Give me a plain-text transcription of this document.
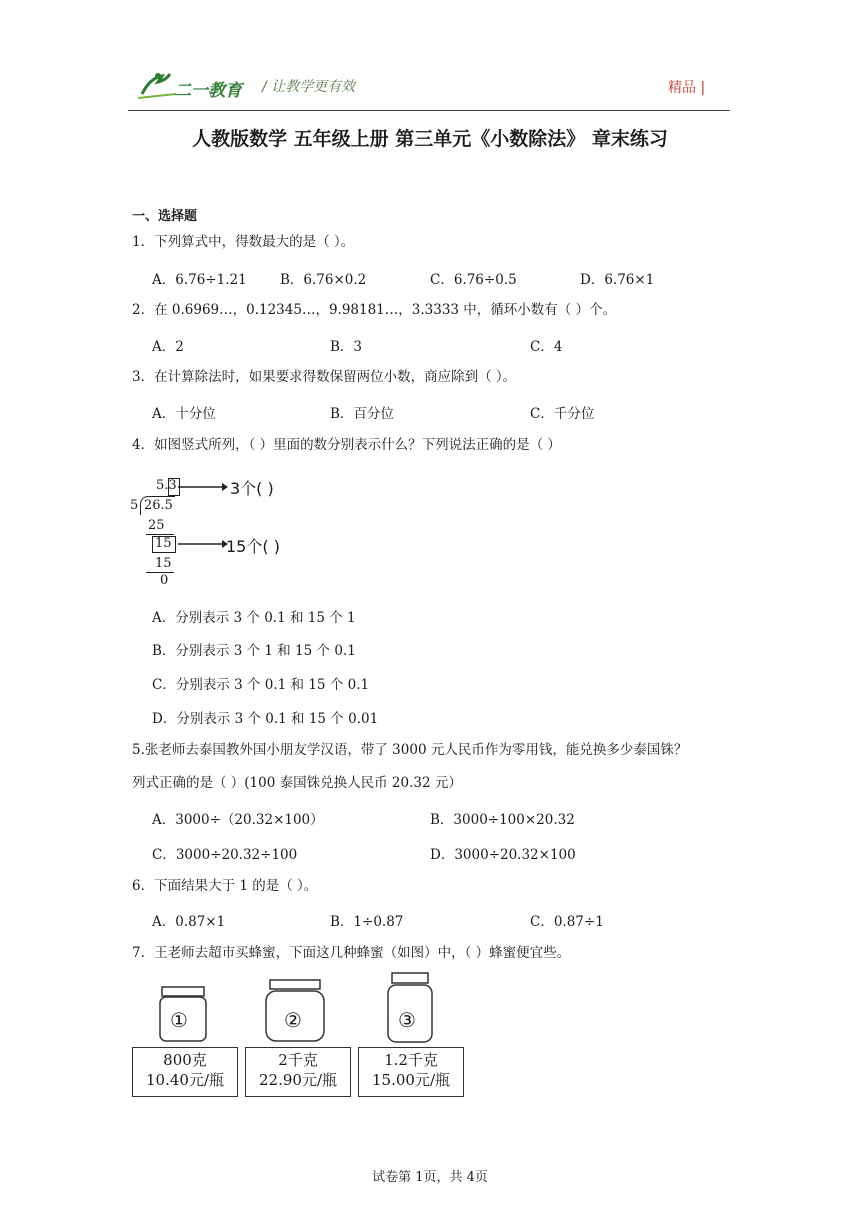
二一教育 / 让教学更有效	精品 |
人教版数学 五年级上册 第三单元《小数除法》 章末练习
一、选择题
1．下列算式中，得数最大的是（ ）。
A．6.76÷1.21 B．6.76×0.2	C．6.76÷0.5	D．6.76×1
2．在 0.6969…，0.12345…，9.98181…，3.3333 中，循环小数有（ ）个。
A．2	B．3	C．4
3．在计算除法时，如果要求得数保留两位小数，商应除到（ ）。
A．十分位	B．百分位	C．千分位
4．如图竖式所列，（ ）里面的数分别表示什么？下列说法正确的是（ ）
5.3
5 26.5
25
15
15
0
3个( )
15个( )
A．分别表示 3 个 0.1 和 15 个 1
B．分别表示 3 个 1 和 15 个 0.1
C．分别表示 3 个 0.1 和 15 个 0.1
D．分别表示 3 个 0.1 和 15 个 0.01
5.张老师去泰国教外国小朋友学汉语，带了 3000 元人民币作为零用钱，能兑换多少泰国铢？
列式正确的是（ ）(100 泰国铢兑换人民币 20.32 元）
A．3000÷（20.32×100）	B．3000÷100×20.32
C．3000÷20.32÷100	D．3000÷20.32×100
6．下面结果大于 1 的是（ ）。
A．0.87×1	B．1÷0.87	C．0.87÷1
7．王老师去超市买蜂蜜，下面这几种蜂蜜（如图）中，（ ）蜂蜜便宜些。
①
800克
10.40元/瓶
②
2千克
22.90元/瓶
③
1.2千克
15.00元/瓶
试卷第 1页，共 4页
